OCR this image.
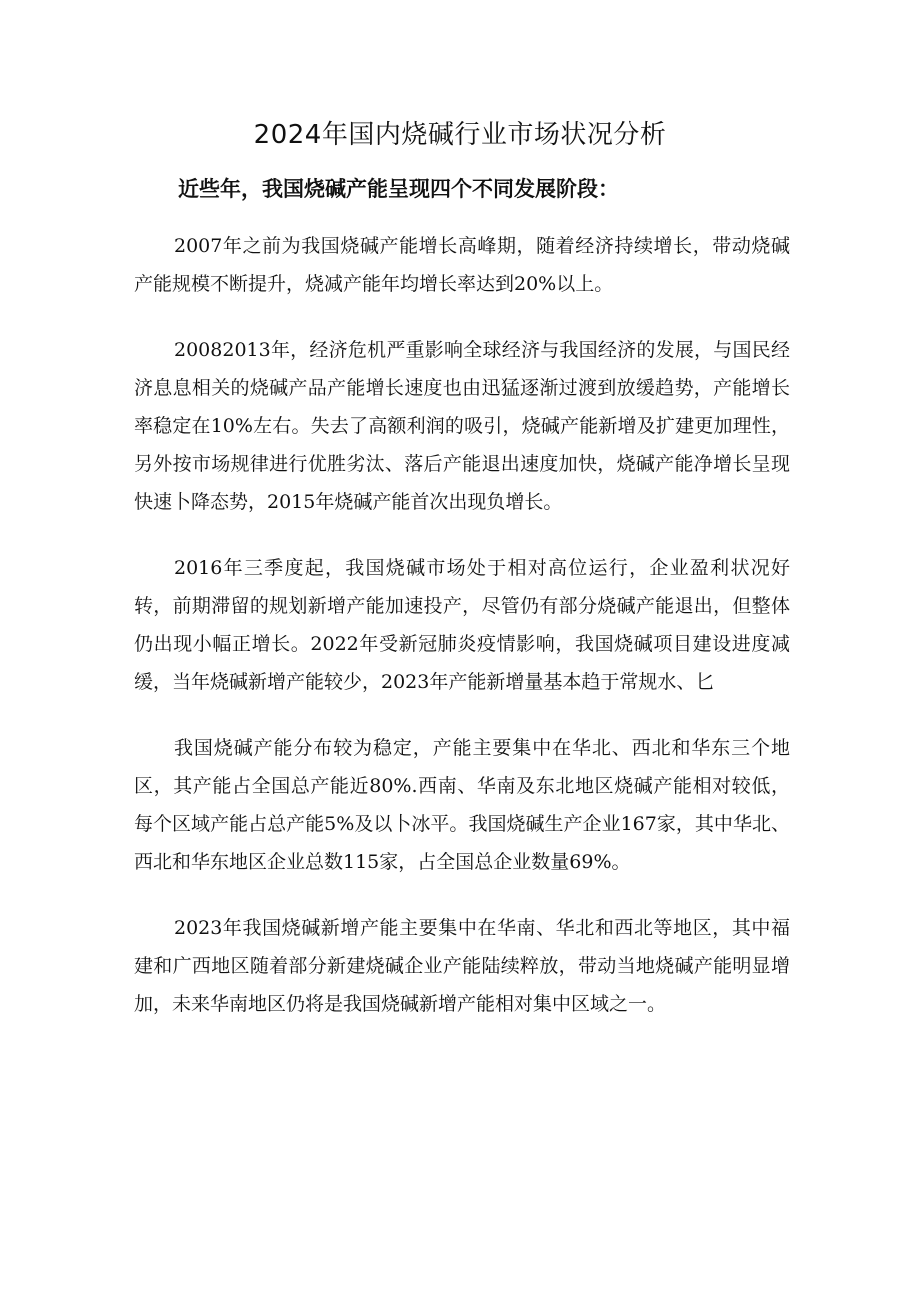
2024年国内烧碱行业市场状况分析
近些年，我国烧碱产能呈现四个不同发展阶段：

2007年之前为我国烧碱产能增长高峰期，随着经济持续增长，带动烧碱产能规模不断提升，烧减产能年均增长率达到20%以上。

20082013年，经济危机严重影响全球经济与我国经济的发展，与国民经济息息相关的烧碱产品产能增长速度也由迅猛逐渐过渡到放缓趋势，产能增长率稳定在10%左右。失去了高额利润的吸引，烧碱产能新增及扩建更加理性，另外按市场规律进行优胜劣汰、落后产能退出速度加快，烧碱产能净增长呈现快速卜降态势，2015年烧碱产能首次出现负增长。

2016年三季度起，我国烧碱市场处于相对高位运行，企业盈利状况好转，前期滞留的规划新增产能加速投产，尽管仍有部分烧碱产能退出，但整体仍出现小幅正增长。2022年受新冠肺炎疫情影响，我国烧碱项目建设进度减缓，当年烧碱新增产能较少，2023年产能新增量基本趋于常规水、匕

我国烧碱产能分布较为稳定，产能主要集中在华北、西北和华东三个地区，其产能占全国总产能近80%.西南、华南及东北地区烧碱产能相对较低，每个区域产能占总产能5%及以卜冰平。我国烧碱生产企业167家，其中华北、西北和华东地区企业总数115家，占全国总企业数量69%。

2023年我国烧碱新增产能主要集中在华南、华北和西北等地区，其中福建和广西地区随着部分新建烧碱企业产能陆续粹放，带动当地烧碱产能明显增加，未来华南地区仍将是我国烧碱新增产能相对集中区域之一。
